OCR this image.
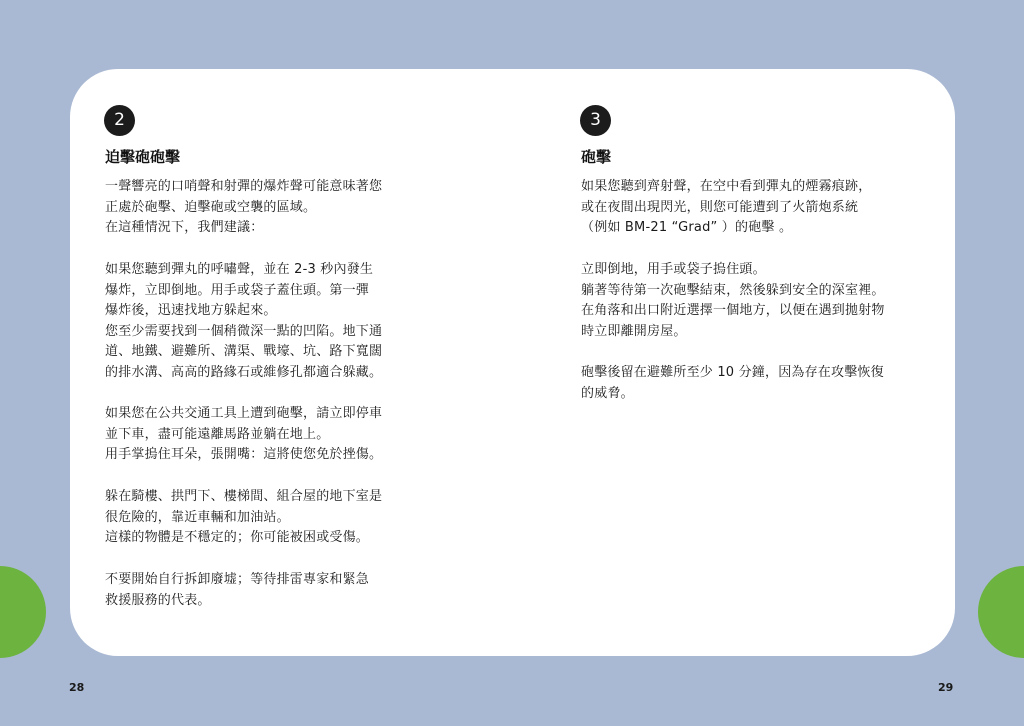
2
迫擊砲砲擊

一聲響亮的口哨聲和射彈的爆炸聲可能意味著您
正處於砲擊、迫擊砲或空襲的區域。
在這種情況下，我們建議：

如果您聽到彈丸的呼嘯聲，並在 2-3 秒內發生
爆炸，立即倒地。用手或袋子蓋住頭。第一彈
爆炸後，迅速找地方躲起來。
您至少需要找到一個稍微深一點的凹陷。地下通
道、地鐵、避難所、溝渠、戰壕、坑、路下寬闊
的排水溝、高高的路緣石或維修孔都適合躲藏。

如果您在公共交通工具上遭到砲擊，請立即停車
並下車，盡可能遠離馬路並躺在地上。
用手掌摀住耳朵，張開嘴：這將使您免於挫傷。

躲在騎樓、拱門下、樓梯間、組合屋的地下室是
很危險的，靠近車輛和加油站。
這樣的物體是不穩定的；你可能被困或受傷。

不要開始自行拆卸廢墟；等待排雷專家和緊急
救援服務的代表。

3
砲擊

如果您聽到齊射聲，在空中看到彈丸的煙霧痕跡，
或在夜間出現閃光，則您可能遭到了火箭炮系統
（例如 BM-21 “Grad” ）的砲擊 。

立即倒地，用手或袋子摀住頭。
躺著等待第一次砲擊結束，然後躲到安全的深室裡。
在角落和出口附近選擇一個地方，以便在遇到拋射物
時立即離開房屋。

砲擊後留在避難所至少 10 分鐘，因為存在攻擊恢復
的威脅。

28	29
